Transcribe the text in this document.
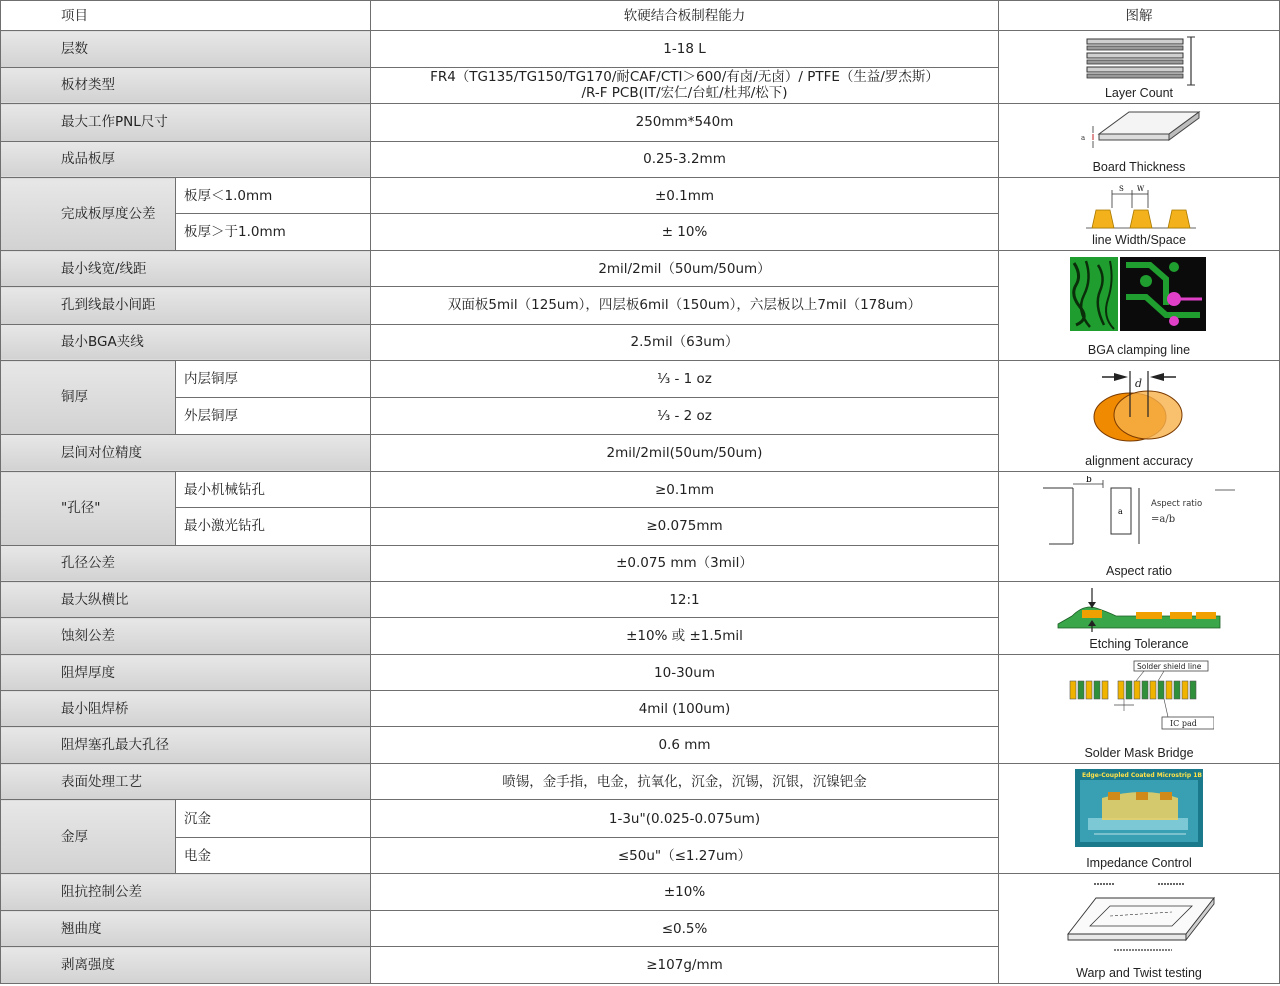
项目		软硬结合板制程能力	图解
层数		1-18 L	Layer Count

板材类型		FR4（TG135/TG150/TG170/耐CAF/CTI＞600/有卤/无卤）/ PTFE（生益/罗杰斯）
/R-F PCB(IT/宏仁/台虹/杜邦/松下)	

最大工作PNL尺寸		250mm*540m	a
Board Thickness

成品板厚		0.25-3.2mm	
完成板厚度公差	板厚＜1.0mm	±0.1mm	S W
line Width/Space

	板厚＞于1.0mm	± 10%	
最小线宽/线距		2mil/2mil（50um/50um）	BGA clamping line

孔到线最小间距		双面板5mil（125um），四层板6mil（150um），六层板以上7mil（178um）	
最小BGA夹线		2.5mil（63um）	
铜厚	内层铜厚	⅓ - 1 oz	d
alignment accuracy

	外层铜厚	⅓ - 2 oz	
层间对位精度		2mil/2mil(50um/50um)	
"孔径"	最小机械钻孔	≥0.1mm	b
a
Aspect ratio
=a/b
Aspect ratio

	最小激光钻孔	≥0.075mm	
孔径公差		±0.075 mm（3mil）	
最大纵横比		12:1	Etching Tolerance

蚀刻公差		±10% 或 ±1.5mil	
阻焊厚度		10-30um	Solder shield line
IC pad
Solder Mask Bridge

最小阻焊桥		4mil (100um)	
阻焊塞孔最大孔径		0.6 mm	
表面处理工艺		喷锡，金手指，电金，抗氧化，沉金，沉锡，沉银，沉镍钯金	Edge-Coupled Coated Microstrip 1B
Impedance Control

金厚	沉金	1-3u"(0.025-0.075um)	
	电金	≤50u"（≤1.27um）	
阻抗控制公差		±10%	Warp and Twist testing

翘曲度		≤0.5%	
剥离强度		≥107g/mm	
